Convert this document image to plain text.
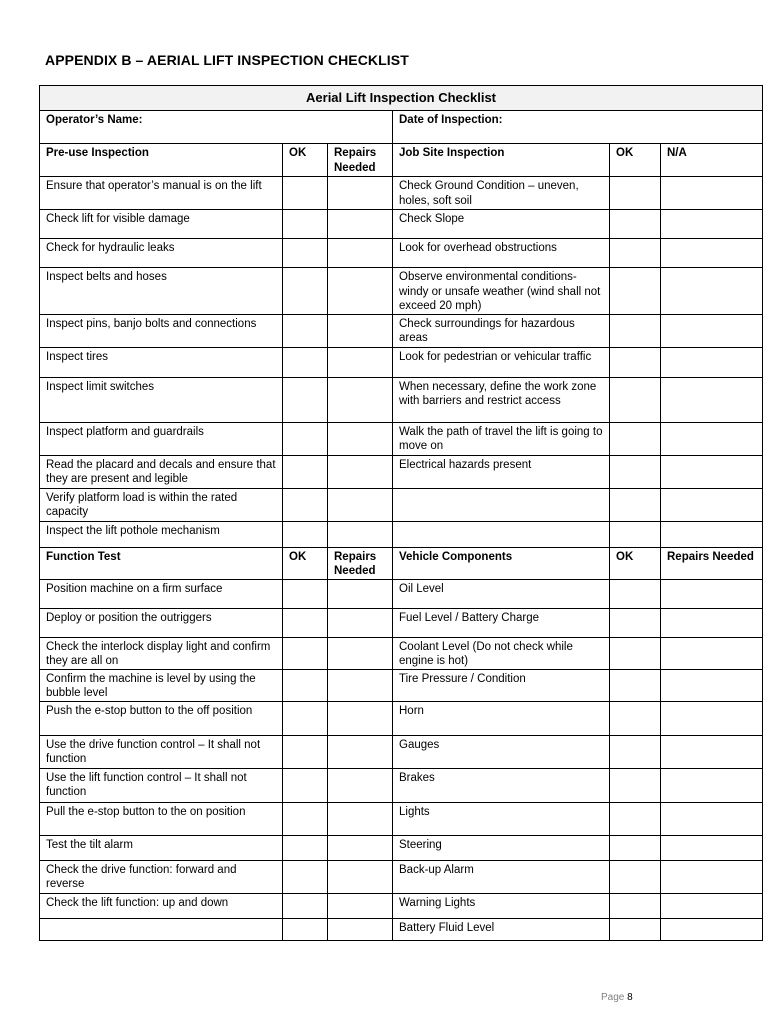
APPENDIX B – AERIAL LIFT INSPECTION CHECKLIST
Aerial Lift Inspection Checklist					
Operator’s Name:			Date of Inspection:		
Pre-use Inspection	OK	Repairs Needed	Job Site Inspection	OK	N/A
Ensure that operator’s manual is on the lift			Check Ground Condition – uneven, holes, soft soil		
Check lift for visible damage			Check Slope		
Check for hydraulic leaks			Look for overhead obstructions		
Inspect belts and hoses			Observe environmental conditions- windy or unsafe weather (wind shall not exceed 20 mph)		
Inspect pins, banjo bolts and connections			Check surroundings for hazardous areas		
Inspect tires			Look for pedestrian or vehicular traffic		
Inspect limit switches			When necessary, define the work zone with barriers and restrict access		
Inspect platform and guardrails			Walk the path of travel the lift is going to move on		
Read the placard and decals and ensure that they are present and legible			Electrical hazards present		
Verify platform load is within the rated capacity					
Inspect the lift pothole mechanism					
Function Test	OK	Repairs Needed	Vehicle Components	OK	Repairs Needed
Position machine on a firm surface			Oil Level		
Deploy or position the outriggers			Fuel Level / Battery Charge		
Check the interlock display light and confirm they are all on			Coolant Level (Do not check while engine is hot)		
Confirm the machine is level by using the bubble level			Tire Pressure / Condition		
Push the e-stop button to the off position			Horn		
Use the drive function control – It shall not function			Gauges		
Use the lift function control – It shall not function			Brakes		
Pull the e-stop button to the on position			Lights		
Test the tilt alarm			Steering		
Check the drive function: forward and reverse			Back-up Alarm		
Check the lift function: up and down			Warning Lights		
			Battery Fluid Level		
Page 8
